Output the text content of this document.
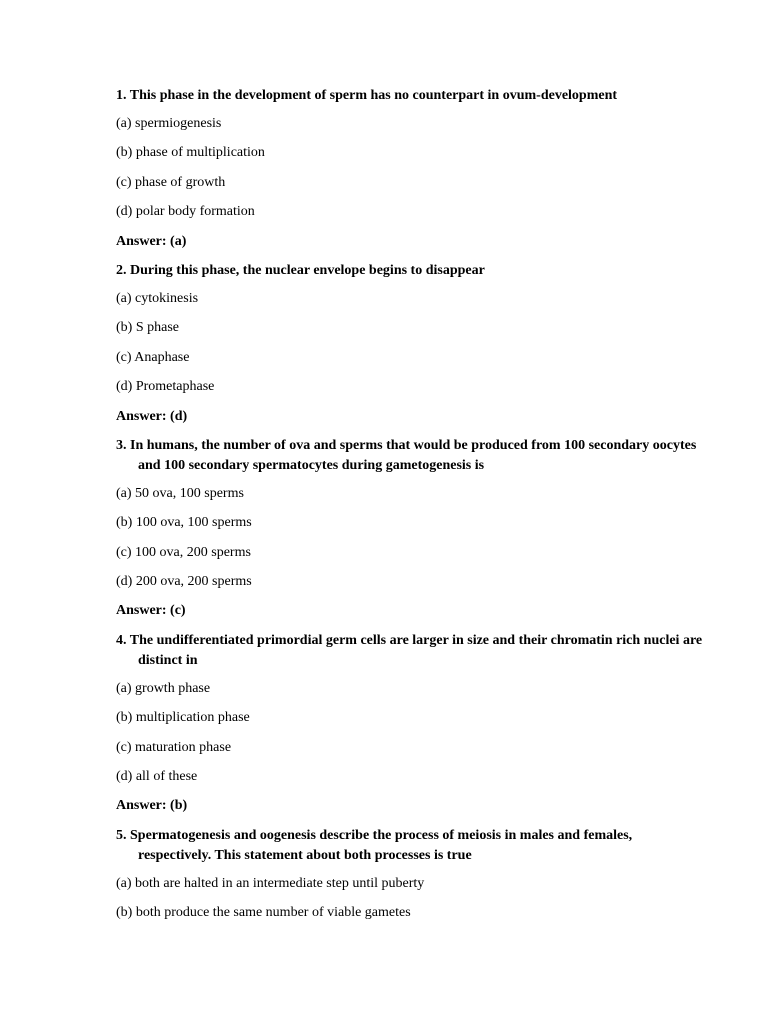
1. This phase in the development of sperm has no counterpart in ovum-development

(a) spermiogenesis

(b) phase of multiplication

(c) phase of growth

(d) polar body formation

Answer: (a)

2. During this phase, the nuclear envelope begins to disappear

(a) cytokinesis

(b) S phase

(c) Anaphase

(d) Prometaphase

Answer: (d)

3. In humans, the number of ova and sperms that would be produced from 100 secondary oocytes and 100 secondary spermatocytes during gametogenesis is

(a) 50 ova, 100 sperms

(b) 100 ova, 100 sperms

(c) 100 ova, 200 sperms

(d) 200 ova, 200 sperms

Answer: (c)

4. The undifferentiated primordial germ cells are larger in size and their chromatin rich nuclei are distinct in

(a) growth phase

(b) multiplication phase

(c) maturation phase

(d) all of these

Answer: (b)

5. Spermatogenesis and oogenesis describe the process of meiosis in males and females, respectively. This statement about both processes is true

(a) both are halted in an intermediate step until puberty

(b) both produce the same number of viable gametes
